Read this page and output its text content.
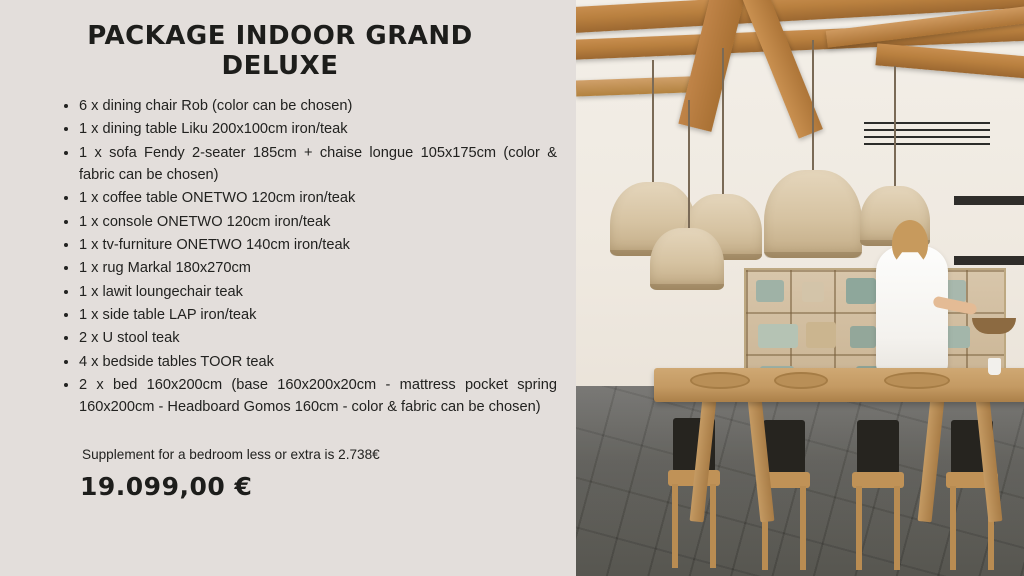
PACKAGE INDOOR GRAND
DELUXE
6 x dining chair Rob (color can be chosen)
1 x dining table Liku 200x100cm iron/teak
1 x sofa Fendy 2-seater 185cm + chaise longue 105x175cm (color & fabric can be chosen)
1 x coffee table ONETWO 120cm iron/teak
1 x console ONETWO 120cm iron/teak
1 x tv-furniture ONETWO 140cm iron/teak
1 x rug Markal 180x270cm
1 x lawit loungechair teak
1 x side table LAP iron/teak
2 x U stool teak
4 x bedside tables TOOR teak
2 x bed 160x200cm (base 160x200x20cm - mattress pocket spring 160x200cm - Headboard Gomos 160cm - color & fabric can be chosen)
Supplement for a bedroom less or extra is 2.738€
19.099,00 €
